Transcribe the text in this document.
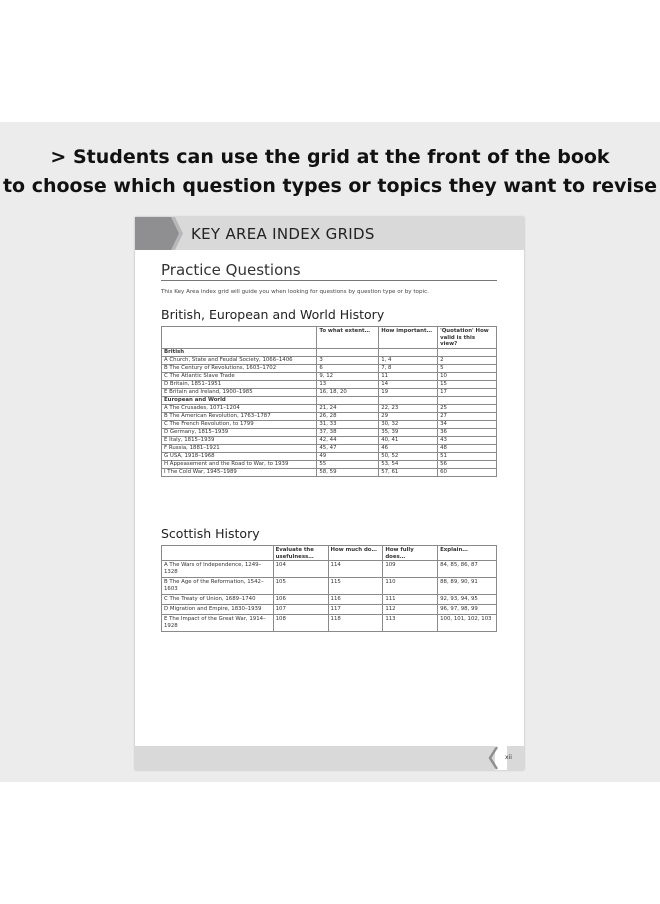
> Students can use the grid at the front of the book
to choose which question types or topics they want to revise
KEY AREA INDEX GRIDS
Practice Questions
This Key Area index grid will guide you when looking for questions by question type or by topic.
British, European and World History
	To what extent…	How important…	'Quotation' How valid is this view?
British			
A Church, State and Feudal Society, 1066–1406	3	1, 4	2
B The Century of Revolutions, 1603–1702	6	7, 8	5
C The Atlantic Slave Trade	9, 12	11	10
D Britain, 1851–1951	13	14	15
E Britain and Ireland, 1900–1985	16, 18, 20	19	17
European and World			
A The Crusades, 1071–1204	21, 24	22, 23	25
B The American Revolution, 1763–1787	26, 28	29	27
C The French Revolution, to 1799	31, 33	30, 32	34
D Germany, 1815–1939	37, 38	35, 39	36
E Italy, 1815–1939	42, 44	40, 41	43
F Russia, 1881–1921	45, 47	46	48
G USA, 1918–1968	49	50, 52	51
H Appeasement and the Road to War, to 1939	55	53, 54	56
I The Cold War, 1945–1989	58, 59	57, 61	60
Scottish History
	Evaluate the usefulness…	How much do…	How fully does…	Explain…
A The Wars of Independence, 1249–1328	104	114	109	84, 85, 86, 87
B The Age of the Reformation, 1542–1603	105	115	110	88, 89, 90, 91
C The Treaty of Union, 1689–1740	106	116	111	92, 93, 94, 95
D Migration and Empire, 1830–1939	107	117	112	96, 97, 98, 99
E The Impact of the Great War, 1914–1928	108	118	113	100, 101, 102, 103
xii
